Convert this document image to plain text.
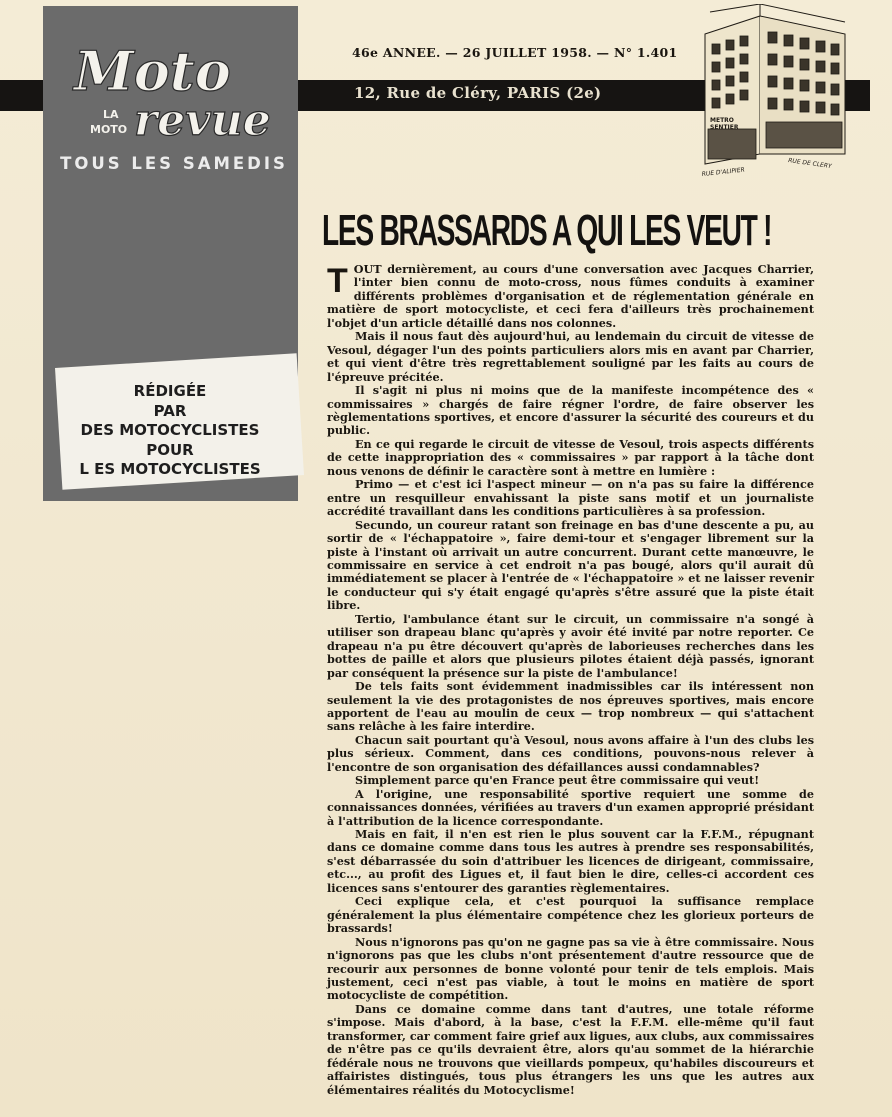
Moto
LA
MOTO revue
TOUS LES SAMEDIS
RÉDIGÉE
PAR
DES MOTOCYCLISTES
POUR
L ES MOTOCYCLISTES
46e ANNEE. — 26 JUILLET 1958. — N° 1.401
12, Rue de Cléry, PARIS (2e)
METRO
SENTIER
RUE D'ALIPIER
RUE DE CLERY
LES BRASSARDS A QUI LES VEUT !

TOUT dernièrement, au cours d'une conversation avec Jacques Charrier, l'inter bien connu de moto-cross, nous fûmes conduits à examiner différents problèmes d'organisation et de réglementation générale en matière de sport motocycliste, et ceci fera d'ailleurs très prochainement l'objet d'un article détaillé dans nos colonnes.

Mais il nous faut dès aujourd'hui, au lendemain du circuit de vitesse de Vesoul, dégager l'un des points particuliers alors mis en avant par Charrier, et qui vient d'être très regrettablement souligné par les faits au cours de l'épreuve précitée.

Il s'agit ni plus ni moins que de la manifeste incompétence des « commissaires » chargés de faire régner l'ordre, de faire observer les règlementations sportives, et encore d'assurer la sécurité des coureurs et du public.

En ce qui regarde le circuit de vitesse de Vesoul, trois aspects différents de cette inappropriation des « commissaires » par rapport à la tâche dont nous venons de définir le caractère sont à mettre en lumière :

Primo — et c'est ici l'aspect mineur — on n'a pas su faire la différence entre un resquilleur envahissant la piste sans motif et un journaliste accrédité travaillant dans les conditions particulières à sa profession.

Secundo, un coureur ratant son freinage en bas d'une descente a pu, au sortir de « l'échappatoire », faire demi-tour et s'engager librement sur la piste à l'instant où arrivait un autre concurrent. Durant cette manœuvre, le commissaire en service à cet endroit n'a pas bougé, alors qu'il aurait dû immédiatement se placer à l'entrée de « l'échappatoire » et ne laisser revenir le conducteur qui s'y était engagé qu'après s'être assuré que la piste était libre.

Tertio, l'ambulance étant sur le circuit, un commissaire n'a songé à utiliser son drapeau blanc qu'après y avoir été invité par notre reporter. Ce drapeau n'a pu être découvert qu'après de laborieuses recherches dans les bottes de paille et alors que plusieurs pilotes étaient déjà passés, ignorant par conséquent la présence sur la piste de l'ambulance!

De tels faits sont évidemment inadmissibles car ils intéressent non seulement la vie des protagonistes de nos épreuves sportives, mais encore apportent de l'eau au moulin de ceux — trop nombreux — qui s'attachent sans relâche à les faire interdire.

Chacun sait pourtant qu'à Vesoul, nous avons affaire à l'un des clubs les plus sérieux. Comment, dans ces conditions, pouvons-nous relever à l'encontre de son organisation des défaillances aussi condamnables?

Simplement parce qu'en France peut être commissaire qui veut!

A l'origine, une responsabilité sportive requiert une somme de connaissances données, vérifiées au travers d'un examen approprié présidant à l'attribution de la licence correspondante.

Mais en fait, il n'en est rien le plus souvent car la F.F.M., répugnant dans ce domaine comme dans tous les autres à prendre ses responsabilités, s'est débarrassée du soin d'attribuer les licences de dirigeant, commissaire, etc..., au profit des Ligues et, il faut bien le dire, celles-ci accordent ces licences sans s'entourer des garanties règlementaires.

Ceci explique cela, et c'est pourquoi la suffisance remplace généralement la plus élémentaire compétence chez les glorieux porteurs de brassards!

Nous n'ignorons pas qu'on ne gagne pas sa vie à être commissaire. Nous n'ignorons pas que les clubs n'ont présentement d'autre ressource que de recourir aux personnes de bonne volonté pour tenir de tels emplois. Mais justement, ceci n'est pas viable, à tout le moins en matière de sport motocycliste de compétition.

Dans ce domaine comme dans tant d'autres, une totale réforme s'impose. Mais d'abord, à la base, c'est la F.F.M. elle-même qu'il faut transformer, car comment faire grief aux ligues, aux clubs, aux commissaires de n'être pas ce qu'ils devraient être, alors qu'au sommet de la hiérarchie fédérale nous ne trouvons que vieillards pompeux, qu'habiles discoureurs et affairistes distingués, tous plus étrangers les uns que les autres aux élémentaires réalités du Motocyclisme!
